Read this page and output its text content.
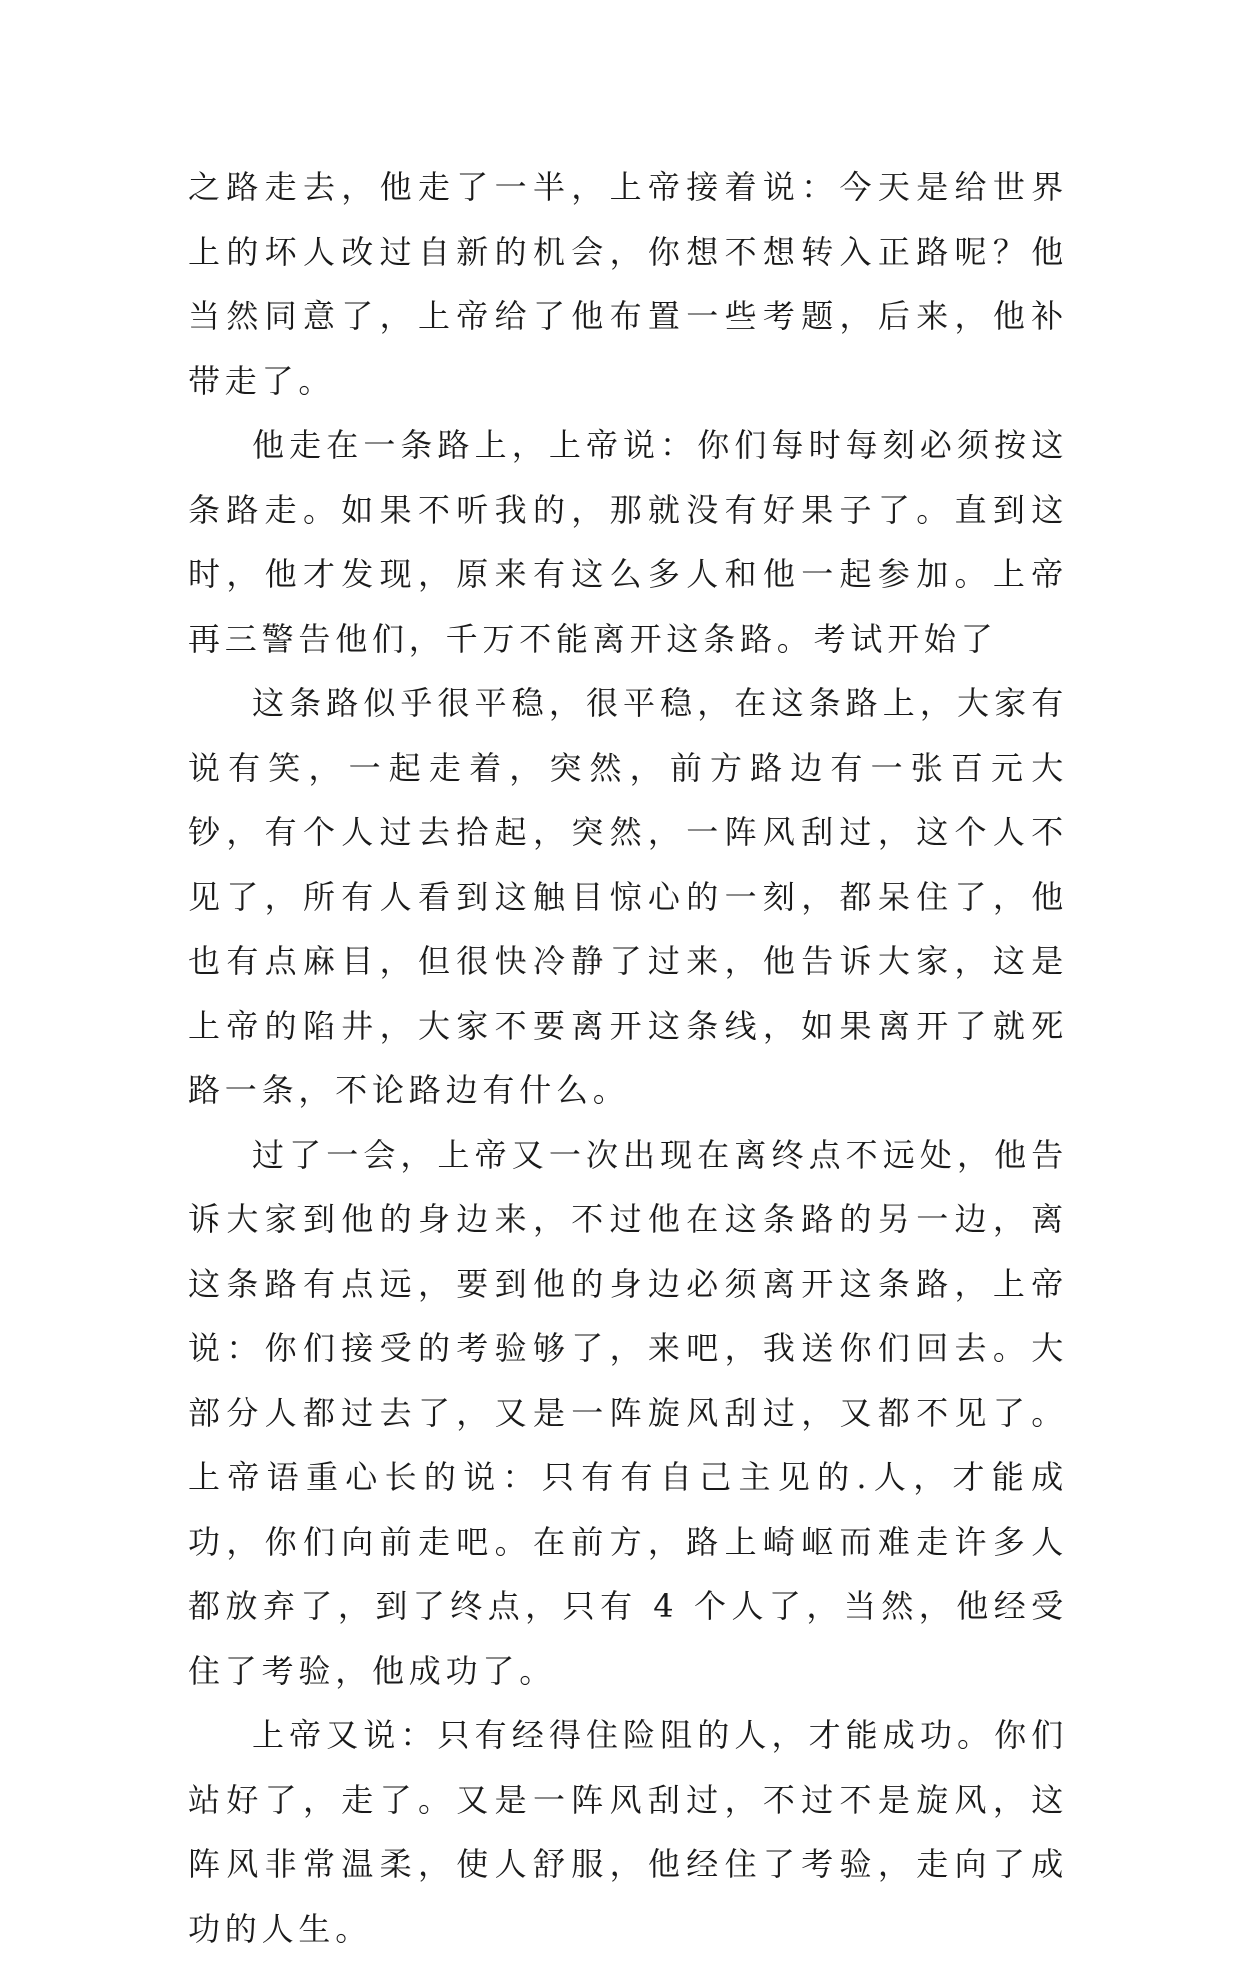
之路走去，他走了一半，上帝接着说：今天是给世界上的坏人改过自新的机会，你想不想转入正路呢？他当然同意了，上帝给了他布置一些考题，后来，他补带走了。

他走在一条路上，上帝说：你们每时每刻必须按这条路走。如果不听我的，那就没有好果子了。直到这时，他才发现，原来有这么多人和他一起参加。上帝再三警告他们，千万不能离开这条路。考试开始了

这条路似乎很平稳，很平稳，在这条路上，大家有说有笑，一起走着，突然，前方路边有一张百元大钞，有个人过去拾起，突然，一阵风刮过，这个人不见了，所有人看到这触目惊心的一刻，都呆住了，他也有点麻目，但很快冷静了过来，他告诉大家，这是上帝的陷井，大家不要离开这条线，如果离开了就死路一条，不论路边有什么。

过了一会，上帝又一次出现在离终点不远处，他告诉大家到他的身边来，不过他在这条路的另一边，离这条路有点远，要到他的身边必须离开这条路，上帝说：你们接受的考验够了，来吧，我送你们回去。大部分人都过去了，又是一阵旋风刮过，又都不见了。上帝语重心长的说：只有有自己主见的.人，才能成功，你们向前走吧。在前方，路上崎岖而难走许多人都放弃了，到了终点，只有 4 个人了，当然，他经受住了考验，他成功了。

上帝又说：只有经得住险阻的人，才能成功。你们站好了，走了。又是一阵风刮过，不过不是旋风，这阵风非常温柔，使人舒服，他经住了考验，走向了成功的人生。
